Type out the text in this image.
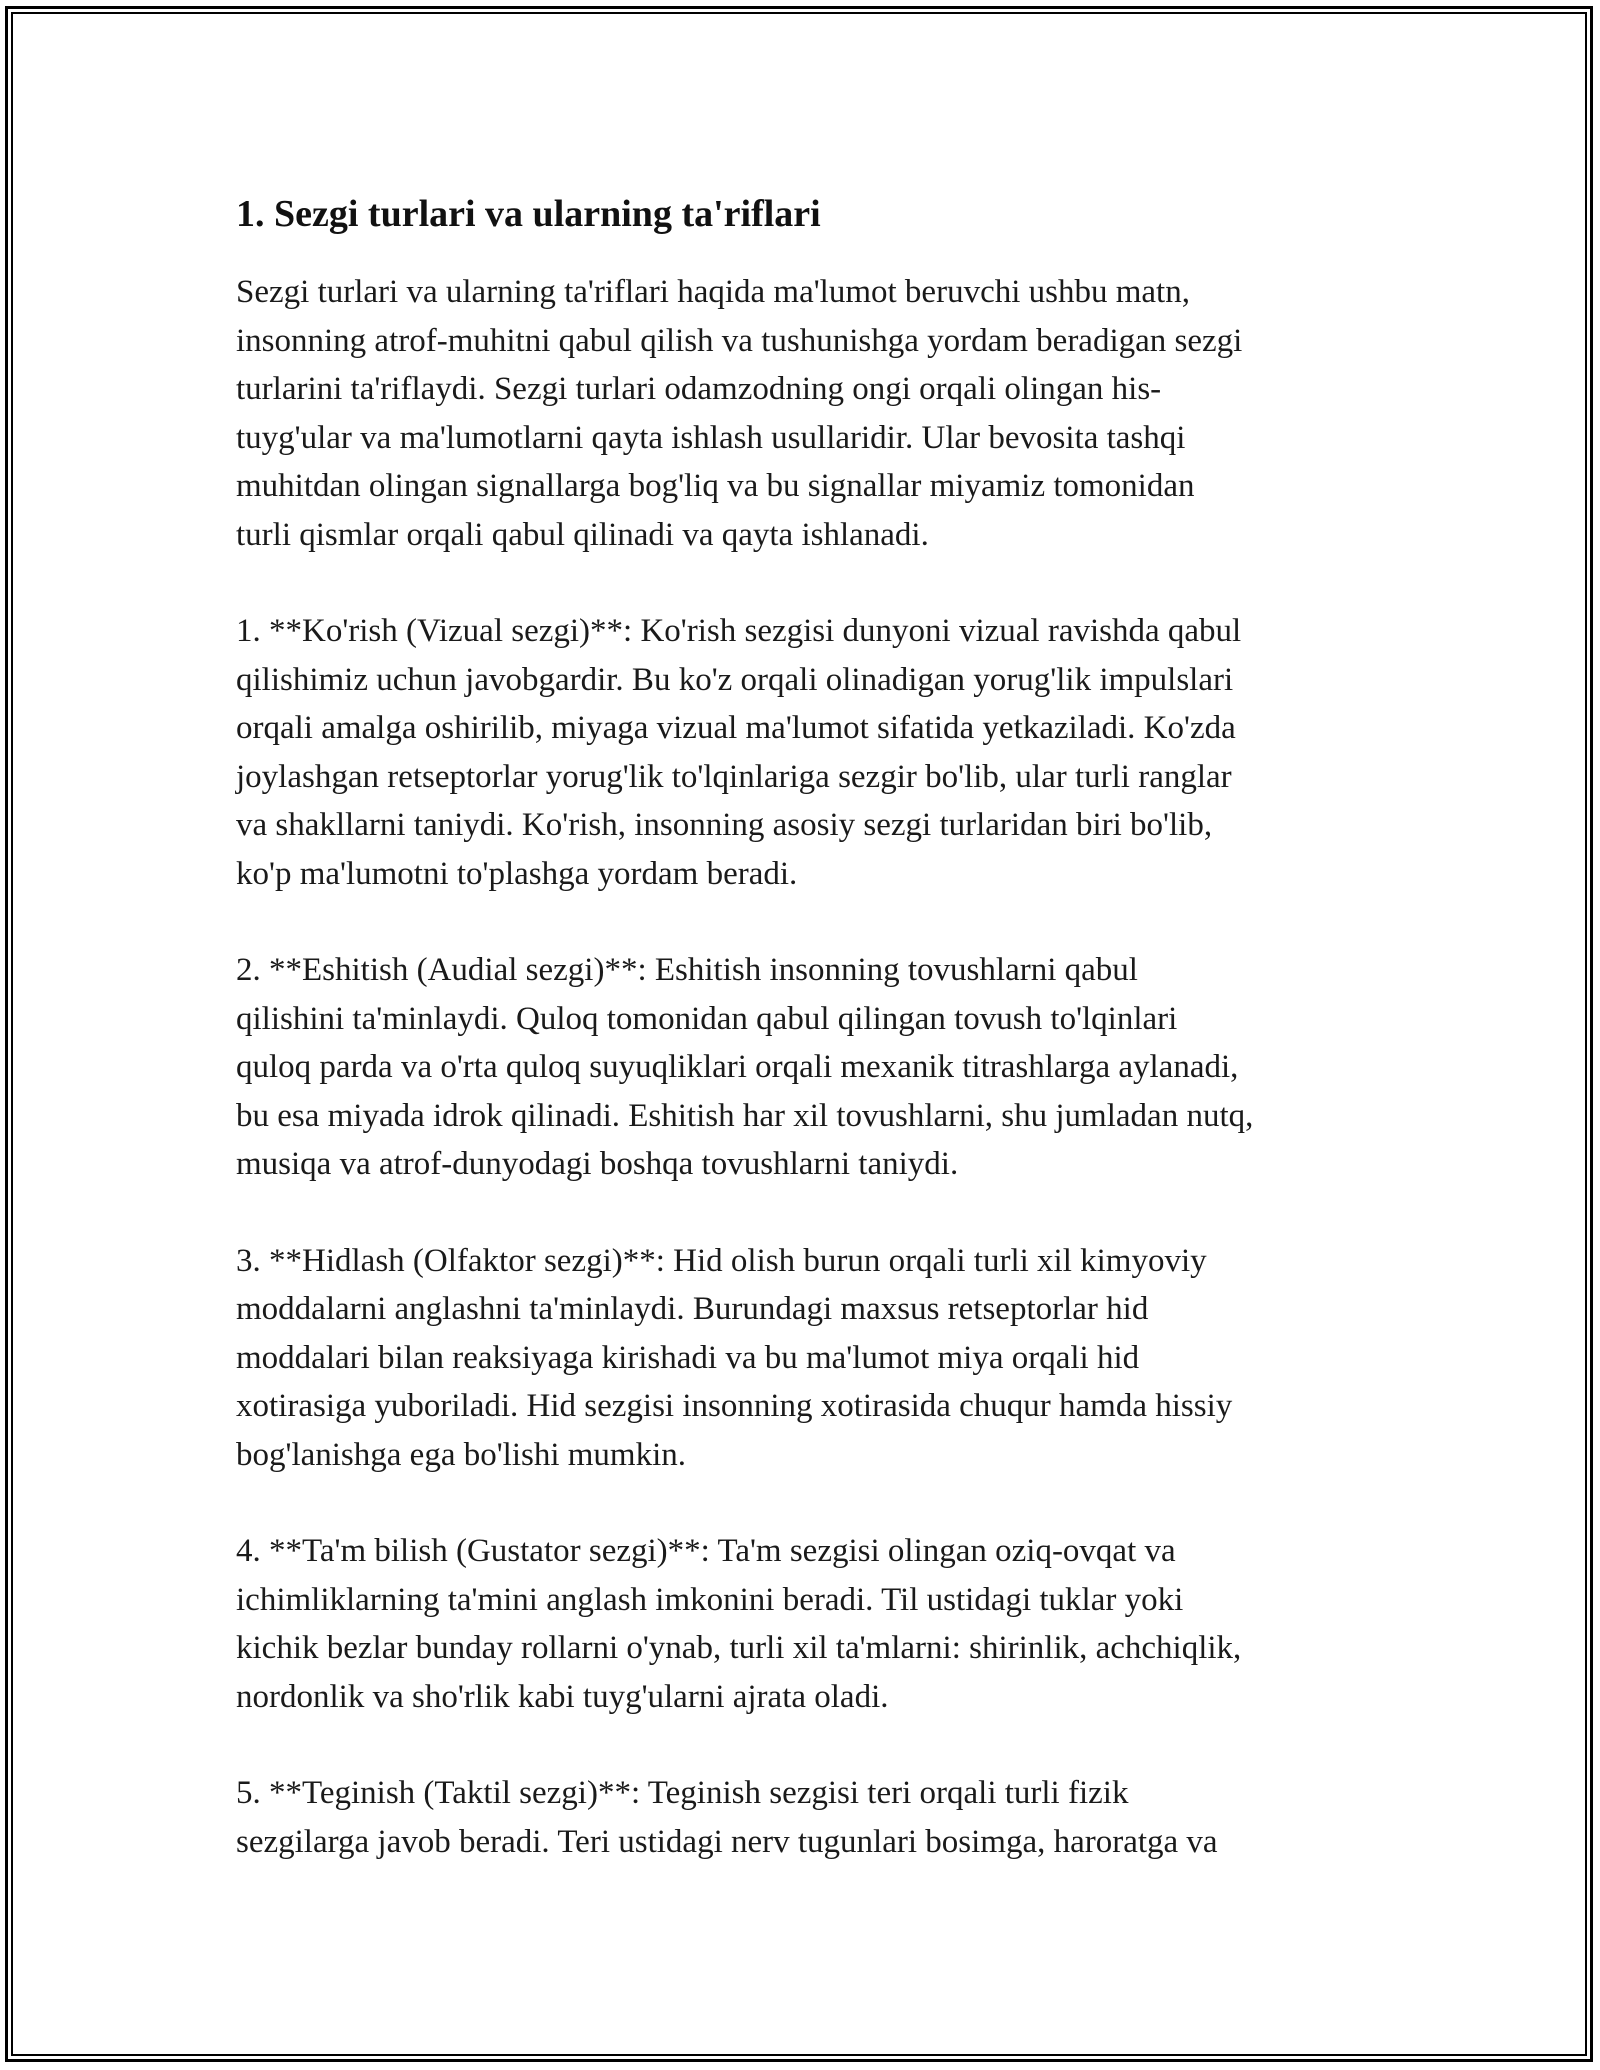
1. Sezgi turlari va ularning ta'riflari

Sezgi turlari va ularning ta'riflari haqida ma'lumot beruvchi ushbu matn,
insonning atrof-muhitni qabul qilish va tushunishga yordam beradigan sezgi
turlarini ta'riflaydi. Sezgi turlari odamzodning ongi orqali olingan his-
tuyg'ular va ma'lumotlarni qayta ishlash usullaridir. Ular bevosita tashqi
muhitdan olingan signallarga bog'liq va bu signallar miyamiz tomonidan
turli qismlar orqali qabul qilinadi va qayta ishlanadi.

1. **Ko'rish (Vizual sezgi)**: Ko'rish sezgisi dunyoni vizual ravishda qabul
qilishimiz uchun javobgardir. Bu ko'z orqali olinadigan yorug'lik impulslari
orqali amalga oshirilib, miyaga vizual ma'lumot sifatida yetkaziladi. Ko'zda
joylashgan retseptorlar yorug'lik to'lqinlariga sezgir bo'lib, ular turli ranglar
va shakllarni taniydi. Ko'rish, insonning asosiy sezgi turlaridan biri bo'lib,
ko'p ma'lumotni to'plashga yordam beradi.

2. **Eshitish (Audial sezgi)**: Eshitish insonning tovushlarni qabul
qilishini ta'minlaydi. Quloq tomonidan qabul qilingan tovush to'lqinlari
quloq parda va o'rta quloq suyuqliklari orqali mexanik titrashlarga aylanadi,
bu esa miyada idrok qilinadi. Eshitish har xil tovushlarni, shu jumladan nutq,
musiqa va atrof-dunyodagi boshqa tovushlarni taniydi.

3. **Hidlash (Olfaktor sezgi)**: Hid olish burun orqali turli xil kimyoviy
moddalarni anglashni ta'minlaydi. Burundagi maxsus retseptorlar hid
moddalari bilan reaksiyaga kirishadi va bu ma'lumot miya orqali hid
xotirasiga yuboriladi. Hid sezgisi insonning xotirasida chuqur hamda hissiy
bog'lanishga ega bo'lishi mumkin.

4. **Ta'm bilish (Gustator sezgi)**: Ta'm sezgisi olingan oziq-ovqat va
ichimliklarning ta'mini anglash imkonini beradi. Til ustidagi tuklar yoki
kichik bezlar bunday rollarni o'ynab, turli xil ta'mlarni: shirinlik, achchiqlik,
nordonlik va sho'rlik kabi tuyg'ularni ajrata oladi.

5. **Teginish (Taktil sezgi)**: Teginish sezgisi teri orqali turli fizik
sezgilarga javob beradi. Teri ustidagi nerv tugunlari bosimga, haroratga va
